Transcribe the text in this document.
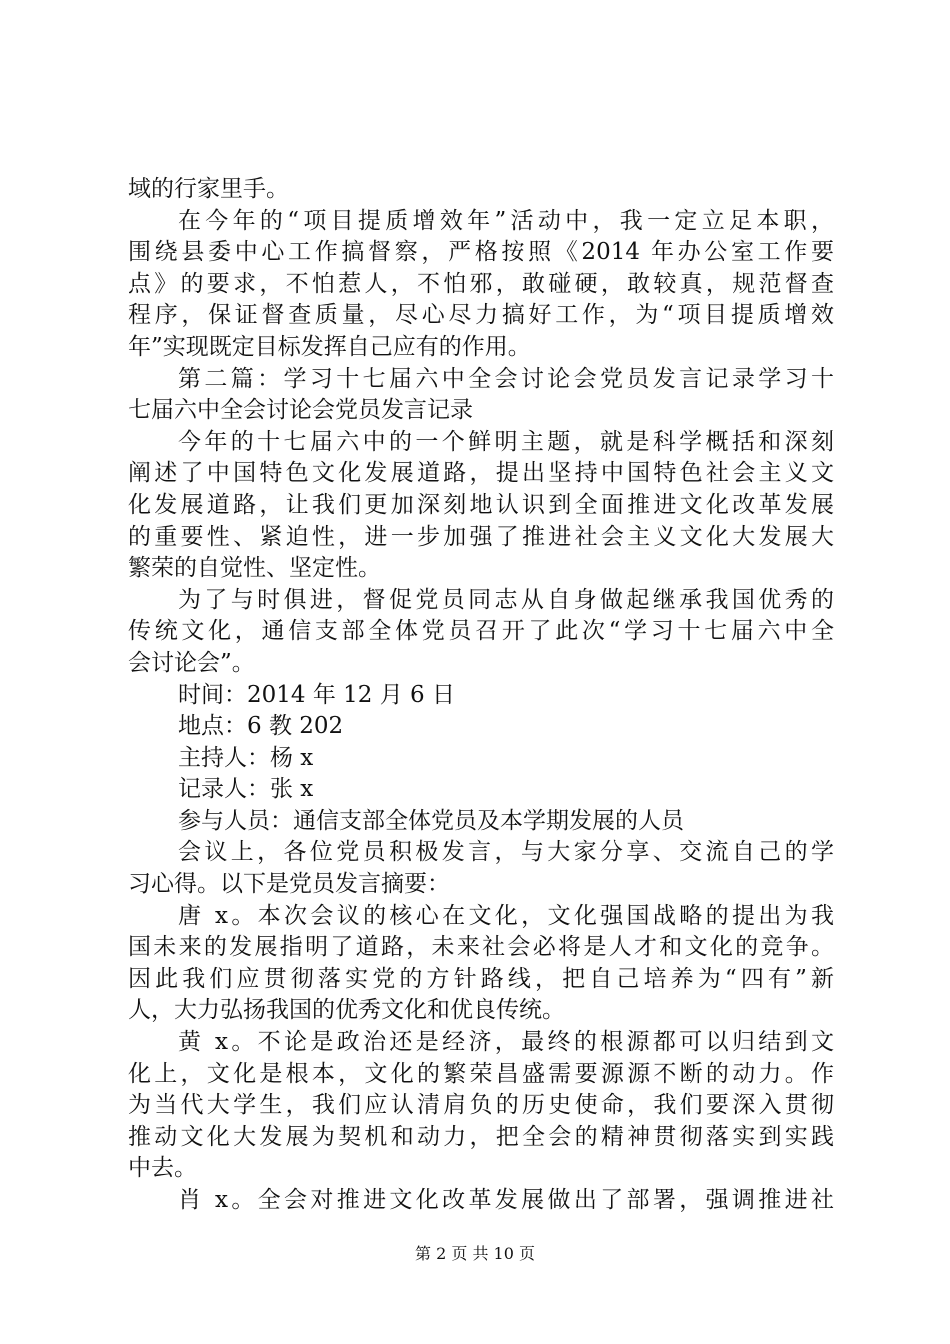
域的行家里手。
在今年的“项目提质增效年”活动中，我一定立足本职，
围绕县委中心工作搞督察，严格按照《2014 年办公室工作要
点》的要求，不怕惹人，不怕邪，敢碰硬，敢较真，规范督查
程序，保证督查质量，尽心尽力搞好工作，为“项目提质增效
年”实现既定目标发挥自己应有的作用。
第二篇：学习十七届六中全会讨论会党员发言记录学习十
七届六中全会讨论会党员发言记录
今年的十七届六中的一个鲜明主题，就是科学概括和深刻
阐述了中国特色文化发展道路，提出坚持中国特色社会主义文
化发展道路，让我们更加深刻地认识到全面推进文化改革发展
的重要性、紧迫性，进一步加强了推进社会主义文化大发展大
繁荣的自觉性、坚定性。
为了与时俱进，督促党员同志从自身做起继承我国优秀的
传统文化，通信支部全体党员召开了此次“学习十七届六中全
会讨论会”。
时间：2014 年 12 月 6 日
地点：6 教 202
主持人：杨 x
记录人：张 x
参与人员：通信支部全体党员及本学期发展的人员
会议上，各位党员积极发言，与大家分享、交流自己的学
习心得。以下是党员发言摘要：
唐 x。本次会议的核心在文化，文化强国战略的提出为我
国未来的发展指明了道路，未来社会必将是人才和文化的竞争。
因此我们应贯彻落实党的方针路线，把自己培养为“四有”新
人，大力弘扬我国的优秀文化和优良传统。
黄 x。不论是政治还是经济，最终的根源都可以归结到文
化上，文化是根本，文化的繁荣昌盛需要源源不断的动力。作
为当代大学生，我们应认清肩负的历史使命，我们要深入贯彻
推动文化大发展为契机和动力，把全会的精神贯彻落实到实践
中去。
肖 x。全会对推进文化改革发展做出了部署，强调推进社
第 2 页 共 10 页
